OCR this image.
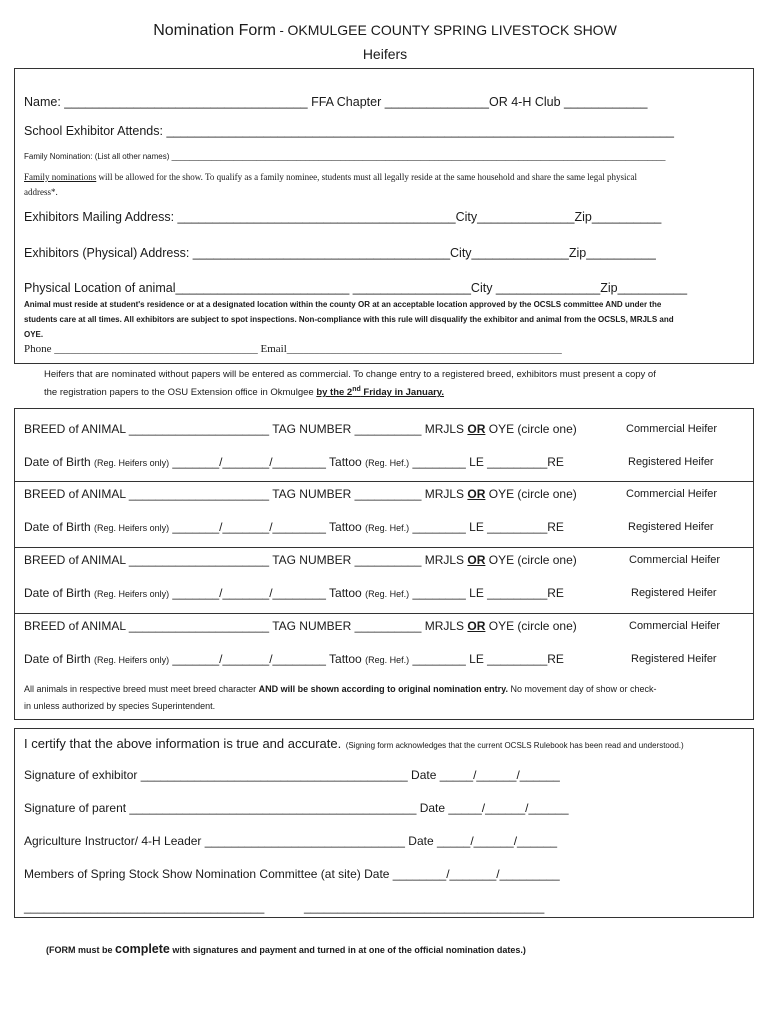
Nomination Form - OKMULGEE COUNTY SPRING LIVESTOCK SHOW
Heifers
Name: ___________________________________ FFA Chapter _______________OR 4-H Club ____________
School Exhibitor Attends: _________________________________________________________________________
Family Nomination: (List all other names) _______________________________________________________________________________________________________________
Family nominations will be allowed for the show. To qualify as a family nominee, students must all legally reside at the same household and share the same legal physical
address*.
Exhibitors Mailing Address: ________________________________________City______________Zip__________
Exhibitors (Physical) Address: _____________________________________City______________Zip__________
Physical Location of animal_________________________ _________________City _______________Zip__________
Animal must reside at student's residence or at a designated location within the county OR at an acceptable location approved by the OCSLS committee AND under the
students care at all times. All exhibitors are subject to spot inspections. Non-compliance with this rule will disqualify the exhibitor and animal from the OCSLS, MRJLS and
OYE.
Phone _____________________________________ Email__________________________________________________
Heifers that are nominated without papers will be entered as commercial. To change entry to a registered breed, exhibitors must present a copy of
the registration papers to the OSU Extension office in Okmulgee by the 2nd Friday in January.
BREED of ANIMAL _____________________ TAG NUMBER __________ MRJLS OR OYE (circle one)	Commercial Heifer
Date of Birth (Reg. Heifers only) _______/_______/________ Tattoo (Reg. Hef.) ________ LE _________RE	Registered Heifer
BREED of ANIMAL _____________________ TAG NUMBER __________ MRJLS OR OYE (circle one)	Commercial Heifer
Date of Birth (Reg. Heifers only) _______/_______/________ Tattoo (Reg. Hef.) ________ LE _________RE	Registered Heifer
BREED of ANIMAL _____________________ TAG NUMBER __________ MRJLS OR OYE (circle one)	Commercial Heifer
Date of Birth (Reg. Heifers only) _______/_______/________ Tattoo (Reg. Hef.) ________ LE _________RE	Registered Heifer
BREED of ANIMAL _____________________ TAG NUMBER __________ MRJLS OR OYE (circle one)	Commercial Heifer
Date of Birth (Reg. Heifers only) _______/_______/________ Tattoo (Reg. Hef.) ________ LE _________RE	Registered Heifer
All animals in respective breed must meet breed character AND will be shown according to original nomination entry. No movement day of show or check-
in unless authorized by species Superintendent.
I certify that the above information is true and accurate. (Signing form acknowledges that the current OCSLS Rulebook has been read and understood.)
Signature of exhibitor ________________________________________ Date _____/______/______
Signature of parent ___________________________________________ Date _____/______/______
Agriculture Instructor/ 4-H Leader ______________________________ Date _____/______/______
Members of Spring Stock Show Nomination Committee (at site) Date ________/_______/_________
____________________________________	____________________________________
(FORM must be complete with signatures and payment and turned in at one of the official nomination dates.)
